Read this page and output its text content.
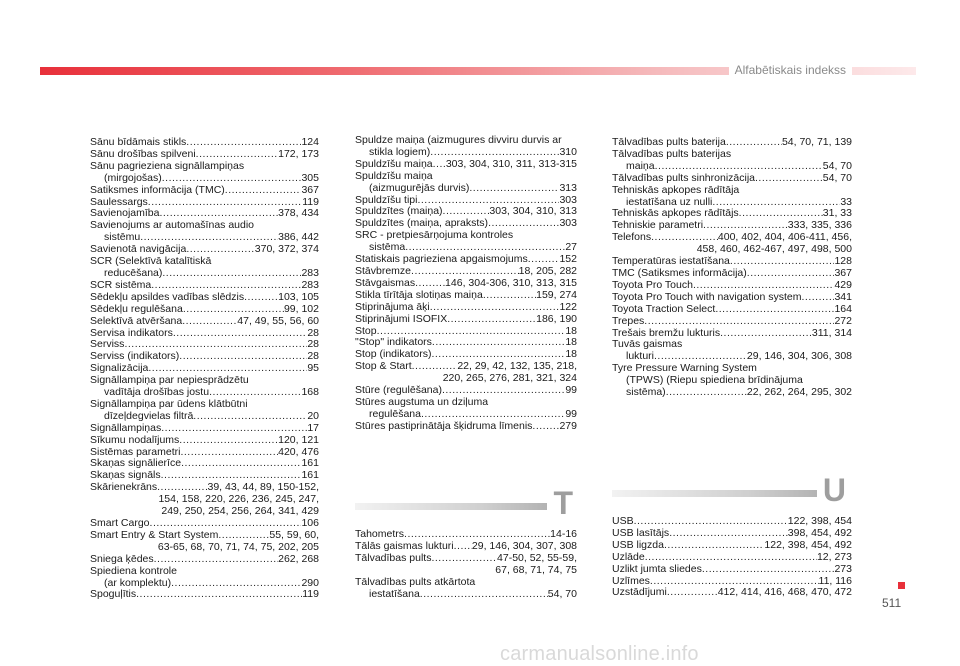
Alfabētiskais indekss
Sānu bīdāmais stikls .....	124
Sānu drošības spilveni .....	172, 173
Sānu pagrieziena signāllampiņas
(mirgojošas) .....	305
Satiksmes informācija (TMC) .....	367
Saulessargs .....	119
Savienojamība .....	378, 434
Savienojums ar automašīnas audio
sistēmu .....	386, 442
Savienotā navigācija .....	370, 372, 374
SCR (Selektīvā katalītiskā
reducēšana) .....	283
SCR sistēma .....	283
Sēdekļu apsildes vadības slēdzis .....	103, 105
Sēdekļu regulēšana .....	99, 102
Selektīvā atvēršana .....	47, 49, 55, 56, 60
Servisa indikators .....	28
Serviss .....	28
Serviss (indikators) .....	28
Signalizācija .....	95
Signāllampiņa par nepiesprādzētu
vadītāja drošības jostu .....	168
Signāllampiņa par ūdens klātbūtni
dīzeļdegvielas filtrā .....	20
Signāllampiņas .....	17
Sīkumu nodalījums .....	120, 121
Sistēmas parametri .....	420, 476
Skaņas signālierīce .....	161
Skaņas signāls .....	161
Skārienekrāns .....	39, 43, 44, 89, 150-152,
154, 158, 220, 226, 236, 245, 247,
249, 250, 254, 256, 264, 341, 429
Smart Cargo .....	106
Smart Entry & Start System .....	55, 59, 60,
63-65, 68, 70, 71, 74, 75, 202, 205
Sniega ķēdes .....	262, 268
Spiediena kontrole
(ar komplektu) .....	290
Spoguļītis .....	119
Spuldze maiņa (aizmugures divviru durvis ar
stikla logiem) .....	310
Spuldzīšu maiņa ..... 303, 304, 310, 311, 313-315
Spuldzīšu maiņa
(aizmugurējās durvis) .....	313
Spuldzīšu tipi .....	303
Spuldzītes (maiņa) .....	303, 304, 310, 313
Spuldzītes (maiņa, apraksts) .....	303
SRC - pretpiesārņojuma kontroles
sistēma .....	27
Statiskais pagrieziena apgaismojums .....	152
Stāvbremze .....	18, 205, 282
Stāvgaismas .....	146, 304-306, 310, 313, 315
Stikla tīrītāja slotiņas maiņa .....	159, 274
Stiprinājuma āķi .....	122
Stiprinājumi ISOFIX .....	186, 190
Stop .....	18
"Stop" indikators .....	18
Stop (indikators) .....	18
Stop & Start .....	22, 29, 42, 132, 135, 218,
220, 265, 276, 281, 321, 324
Stūre (regulēšana) .....	99
Stūres augstuma un dziļuma
regulēšana .....	99
Stūres pastiprinātāja šķidruma līmenis .....	279
Tālvadības pults baterija .....	54, 70, 71, 139
Tālvadības pults baterijas
maiņa .....	54, 70
Tālvadības pults sinhronizācija .....	54, 70
Tehniskās apkopes rādītāja
iestatīšana uz nulli .....	33
Tehniskās apkopes rādītājs .....	31, 33
Tehniskie parametri .....	333, 335, 336
Telefons .....	400, 402, 404, 406-411, 456,
458, 460, 462-467, 497, 498, 500
Temperatūras iestatīšana .....	128
TMC (Satiksmes informācija) .....	367
Toyota Pro Touch .....	429
Toyota Pro Touch with navigation system .....	341
Toyota Traction Select .....	164
Trepes .....	272
Trešais bremžu lukturis .....	311, 314
Tuvās gaismas
lukturi .....	29, 146, 304, 306, 308
Tyre Pressure Warning System
(TPWS) (Riepu spiediena brīdinājuma
sistēma) .....	22, 262, 264, 295, 302
T
Tahometrs .....	14-16
Tālās gaismas lukturi ..... 29, 146, 304, 307, 308
Tālvadības pults .....	47-50, 52, 55-59,
67, 68, 71, 74, 75
Tālvadības pults atkārtota
iestatīšana .....	54, 70
U
USB .....	122, 398, 454
USB lasītājs .....	398, 454, 492
USB ligzda .....	122, 398, 454, 492
Uzlāde .....	12, 273
Uzlikt jumta sliedes .....	273
Uzlīmes .....	11, 116
Uzstādījumi .....	412, 414, 416, 468, 470, 472
511
carmanualsonline.info
